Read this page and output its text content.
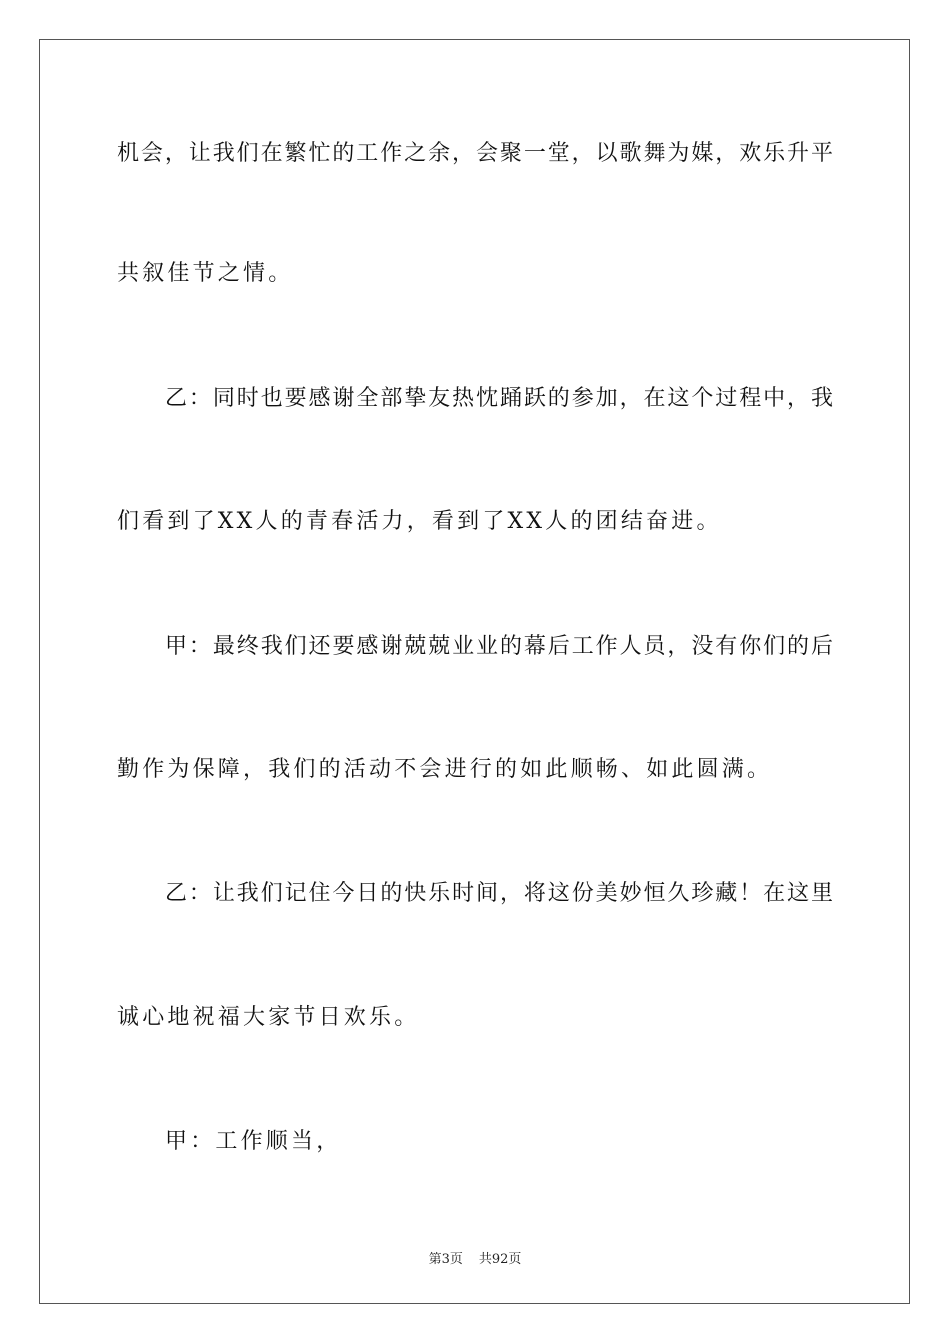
机会，让我们在繁忙的工作之余，会聚一堂，以歌舞为媒，欢乐升平
共叙佳节之情。
乙：同时也要感谢全部挚友热忱踊跃的参加，在这个过程中，我
们看到了XX人的青春活力，看到了XX人的团结奋进。
甲：最终我们还要感谢兢兢业业的幕后工作人员，没有你们的后
勤作为保障，我们的活动不会进行的如此顺畅、如此圆满。
乙：让我们记住今日的快乐时间，将这份美妙恒久珍藏！在这里
诚心地祝福大家节日欢乐。
甲：工作顺当，
第3页 共92页
